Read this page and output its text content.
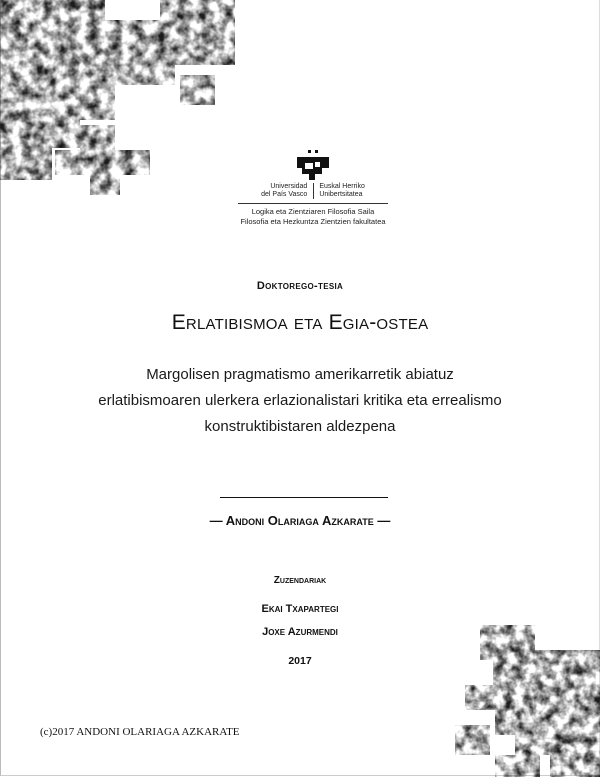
Universidad
del País Vasco
Euskal Herriko
Unibertsitatea
Logika eta Zientziaren Filosofia Saila
Filosofia eta Hezkuntza Zientzien fakultatea
Doktorego-tesia
Erlatibismoa eta Egia-ostea
Margolisen pragmatismo amerikarretik abiatuz
erlatibismoaren ulerkera erlazionalistari kritika eta errealismo
konstruktibistaren aldezpena
— Andoni Olariaga Azkarate —
Zuzendariak
Ekai Txapartegi
Joxe Azurmendi
2017
(c)2017 ANDONI OLARIAGA AZKARATE
